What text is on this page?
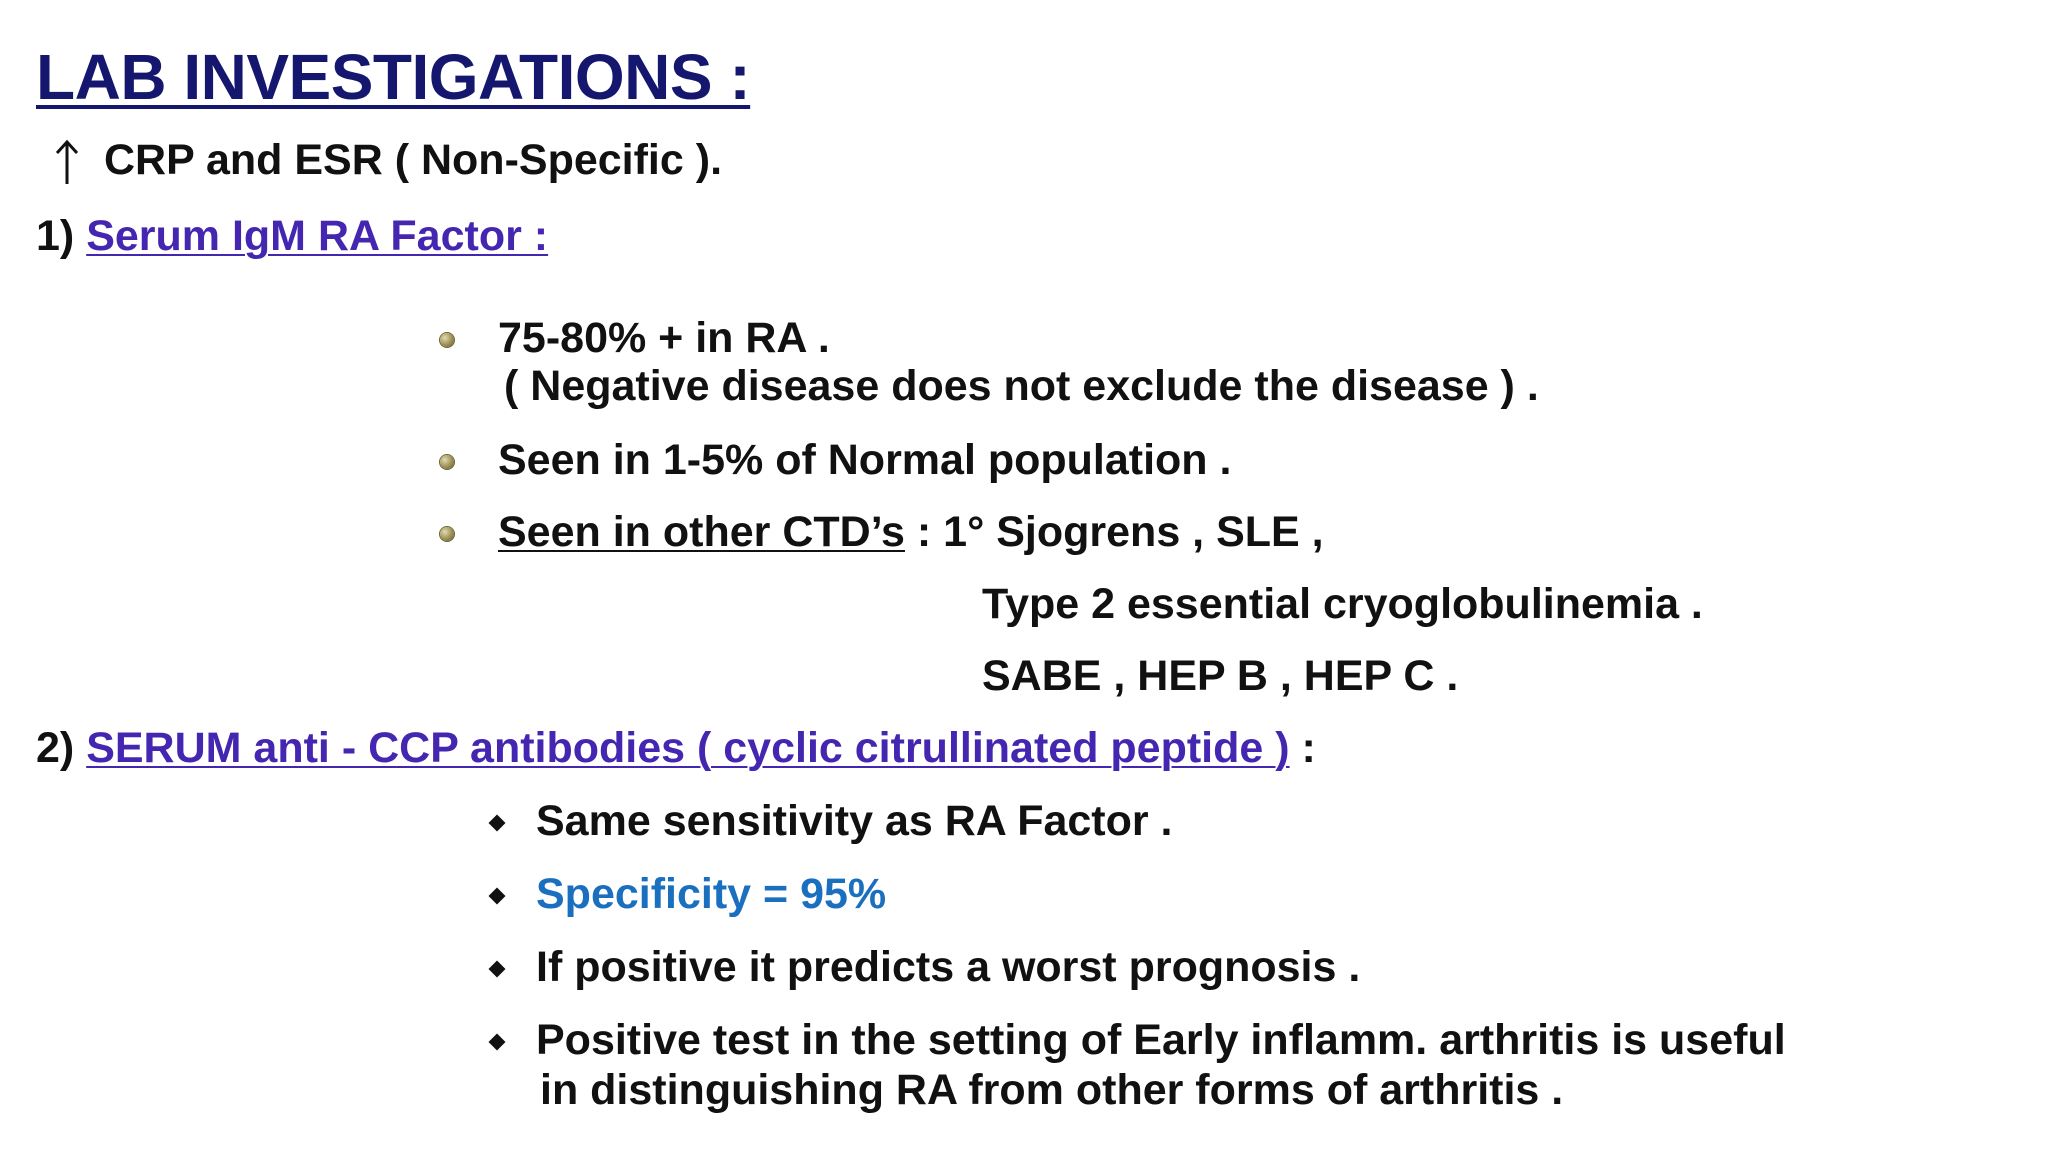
LAB INVESTIGATIONS :
CRP and ESR ( Non-Specific ).
1) Serum IgM RA Factor :
75-80% + in RA .
( Negative disease does not exclude the disease ) .
Seen in 1-5% of Normal population .
Seen in other CTD’s : 1° Sjogrens , SLE ,
Type 2 essential cryoglobulinemia .
SABE , HEP B , HEP C .
2) SERUM anti - CCP antibodies ( cyclic citrullinated peptide ) :
Same sensitivity as RA Factor .
Specificity = 95%
If positive it predicts a worst prognosis .
Positive test in the setting of Early inflamm. arthritis is useful
in distinguishing RA from other forms of arthritis .
